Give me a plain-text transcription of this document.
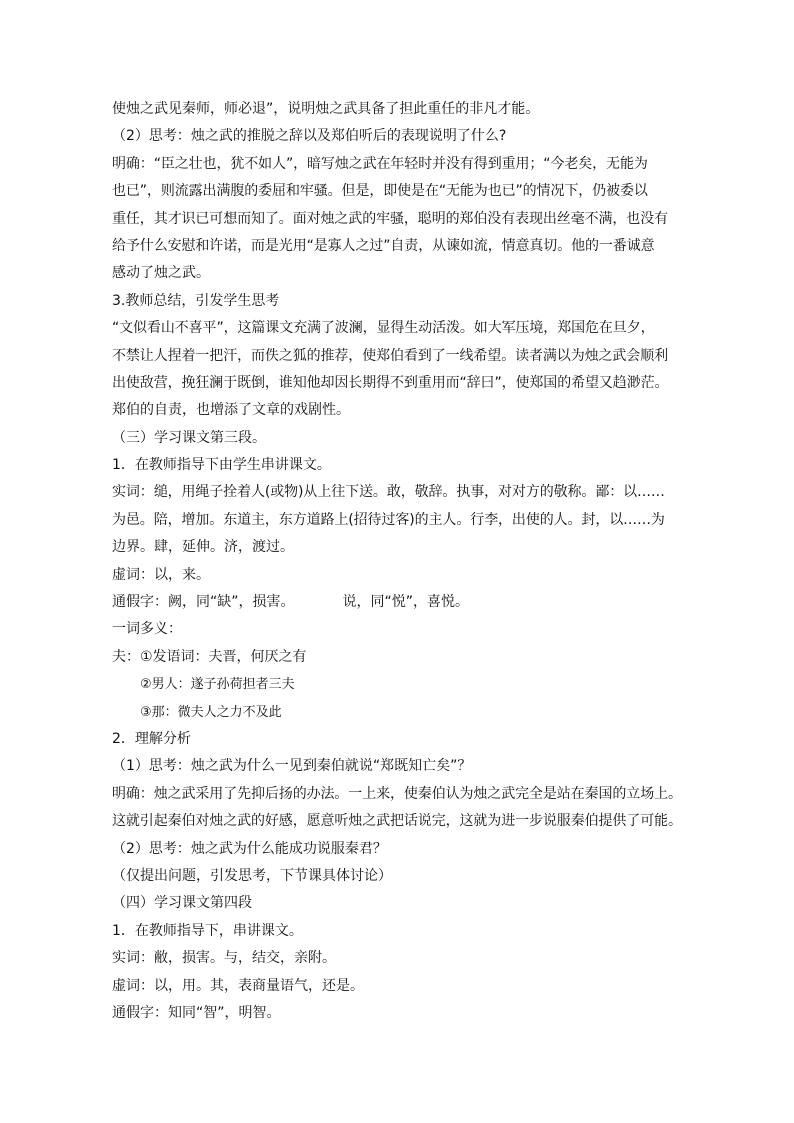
使烛之武见秦师，师必退”，说明烛之武具备了担此重任的非凡才能。
（2）思考：烛之武的推脱之辞以及郑伯听后的表现说明了什么?
明确：“臣之壮也，犹不如人”，暗写烛之武在年轻时并没有得到重用；“今老矣，无能为
也已”，则流露出满腹的委屈和牢骚。但是，即使是在“无能为也已”的情况下，仍被委以
重任，其才识已可想而知了。面对烛之武的牢骚，聪明的郑伯没有表现出丝毫不满，也没有
给予什么安慰和许诺，而是光用“是寡人之过”自责，从谏如流，情意真切。他的一番诚意
感动了烛之武。
3.教师总结，引发学生思考
“文似看山不喜平”，这篇课文充满了波澜，显得生动活泼。如大军压境，郑国危在旦夕，
不禁让人捏着一把汗，而佚之狐的推荐，使郑伯看到了一线希望。读者满以为烛之武会顺利
出使敌营，挽狂澜于既倒，谁知他却因长期得不到重用而“辞曰”，使郑国的希望又趋渺茫。
郑伯的自责，也增添了文章的戏剧性。
（三）学习课文第三段。
1．在教师指导下由学生串讲课文。
实词：缒，用绳子拴着人(或物)从上往下送。敢，敬辞。执事，对对方的敬称。鄙：以……
为邑。陪，增加。东道主，东方道路上(招待过客)的主人。行李，出使的人。封，以……为
边界。肆，延伸。济，渡过。
虚词：以，来。
通假字：阙，同“缺”，损害。	说，同“悦”，喜悦。
一词多义：
夫：①发语词：夫晋，何厌之有
②男人：遂子孙荷担者三夫
③那：微夫人之力不及此
2．理解分析
（1）思考：烛之武为什么一见到秦伯就说“郑既知亡矣”？
明确：烛之武采用了先抑后扬的办法。一上来，使秦伯认为烛之武完全是站在秦国的立场上。
这就引起秦伯对烛之武的好感，愿意听烛之武把话说完，这就为进一步说服秦伯提供了可能。
（2）思考：烛之武为什么能成功说服秦君？
（仅提出问题，引发思考，下节课具体讨论）
（四）学习课文第四段
1．在教师指导下，串讲课文。
实词：敝，损害。与，结交，亲附。
虚词：以，用。其，表商量语气，还是。
通假字：知同“智”，明智。
